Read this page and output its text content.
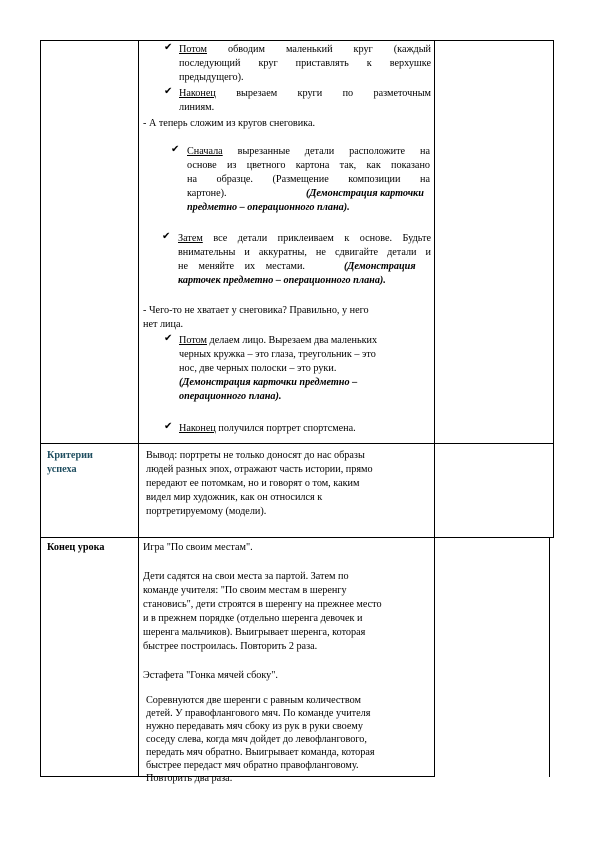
✔ Потом обводим маленький круг (каждый
последующий круг приставлять к верхушке
предыдущего).
✔ Наконец вырезаем круги по разметочным
линиям.
- А теперь сложим из кругов снеговика.
✔ Сначала вырезанные детали расположите на
основе из цветного картона так, как показано
на образце. (Размещение композиции на
картоне).	(Демонстрация карточки
предметно – операционного плана).
✔ Затем все детали приклеиваем к основе. Будьте
внимательны и аккуратны, не сдвигайте детали и
не меняйте их местами.	(Демонстрация
карточек предметно – операционного плана).
- Чего-то не хватает у снеговика? Правильно, у него
нет лица.
✔ Потом делаем лицо. Вырезаем два маленьких
черных кружка – это глаза, треугольник – это
нос, две черных полоски – это руки.
(Демонстрация карточки предметно –
операционного плана).
✔ Наконец получился портрет спортсмена.
Критерии
успеха
Вывод: портреты не только доносят до нас образы
людей разных эпох, отражают часть истории, прямо
передают ее потомкам, но и говорят о том, каким
видел мир художник, как он относился к
портретируемому (модели).
Конец урока	Игра "По своим местам".
Дети садятся на свои места за партой. Затем по
команде учителя: "По своим местам в шеренгу
становись", дети строятся в шеренгу на прежнее место
и в прежнем порядке (отдельно шеренга девочек и
шеренга мальчиков). Выигрывает шеренга, которая
быстрее построилась. Повторить 2 раза.
Эстафета "Гонка мячей сбоку".
Соревнуются две шеренги с равным количеством
детей. У правофлангового мяч. По команде учителя
нужно передавать мяч сбоку из рук в руки своему
соседу слева, когда мяч дойдет до левофлангового,
передать мяч обратно. Выигрывает команда, которая
быстрее передаст мяч обратно правофланговому.
Повторить два раза.
